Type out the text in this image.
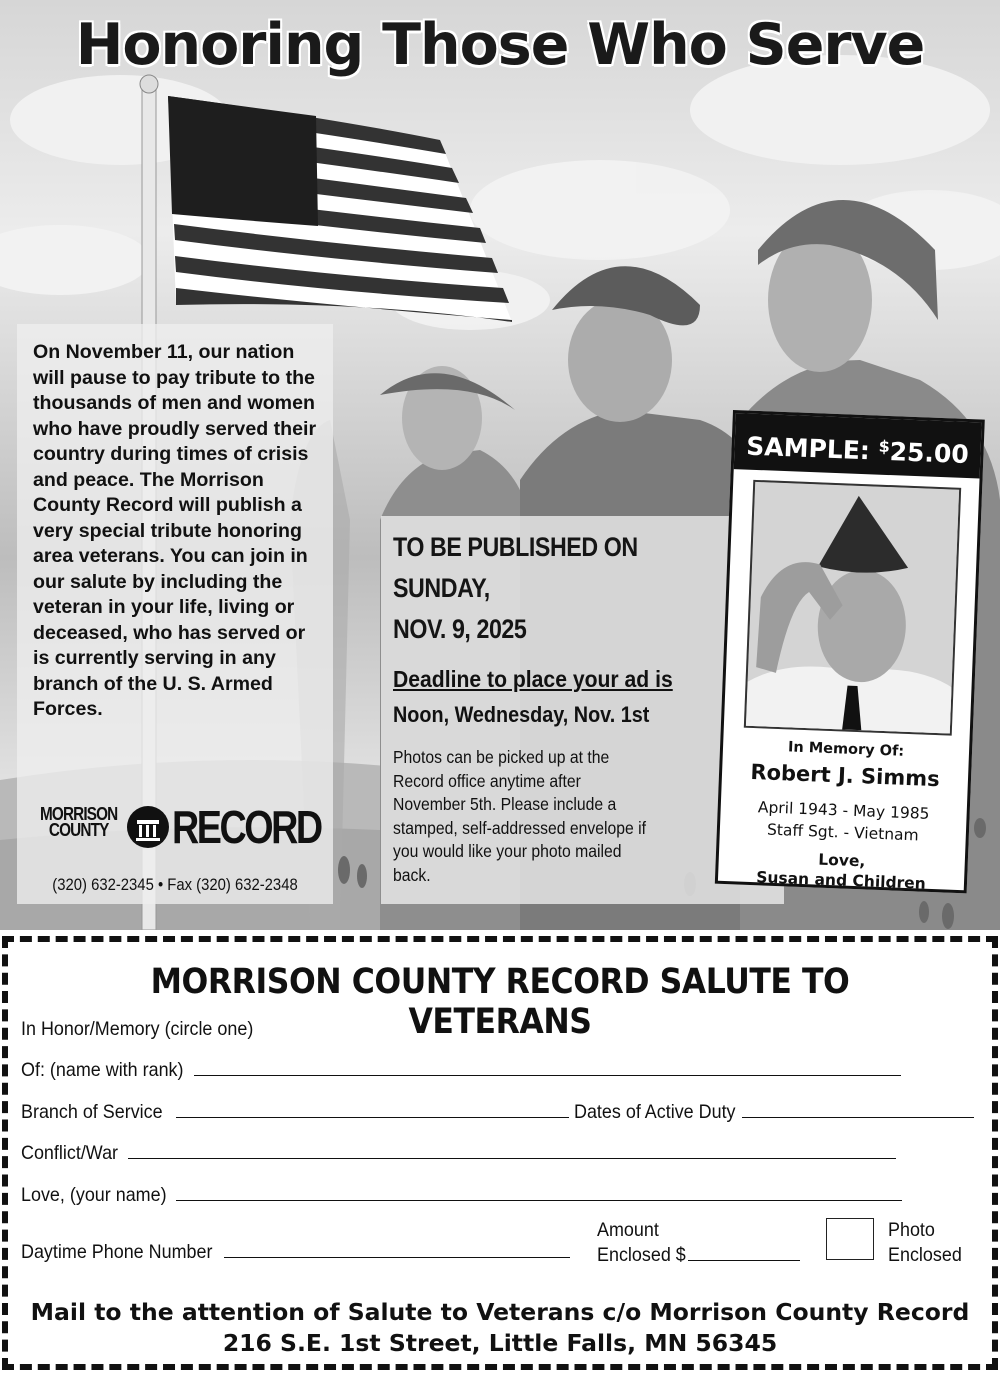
Honoring Those Who Serve
On November 11, our nation will pause to pay tribute to the thousands of men and women who have proudly served their country during times of crisis and peace. The Morrison County Record will publish a very special tribute honoring area veterans. You can join in our salute by including the veteran in your life, living or deceased, who has served or is currently serving in any branch of the U. S. Armed Forces.
MORRISON
COUNTY RECORD
(320) 632-2345 • Fax (320) 632-2348
TO BE PUBLISHED ON
SUNDAY,
NOV. 9, 2025
Deadline to place your ad is
Noon, Wednesday, Nov. 1st
Photos can be picked up at the Record office anytime after November 5th. Please include a stamped, self-addressed envelope if you would like your photo mailed back.
SAMPLE: $25.00
In Memory Of:
Robert J. Simms
April 1943 - May 1985
Staff Sgt. - Vietnam
Love,
Susan and Children
MORRISON COUNTY RECORD SALUTE TO VETERANS
In Honor/Memory (circle one)
Of: (name with rank)
Branch of Service	Dates of Active Duty
Conflict/War
Love, (your name)
Daytime Phone Number
Amount
Enclosed $
Photo
Enclosed
Mail to the attention of Salute to Veterans c/o Morrison County Record
216 S.E. 1st Street, Little Falls, MN 56345
